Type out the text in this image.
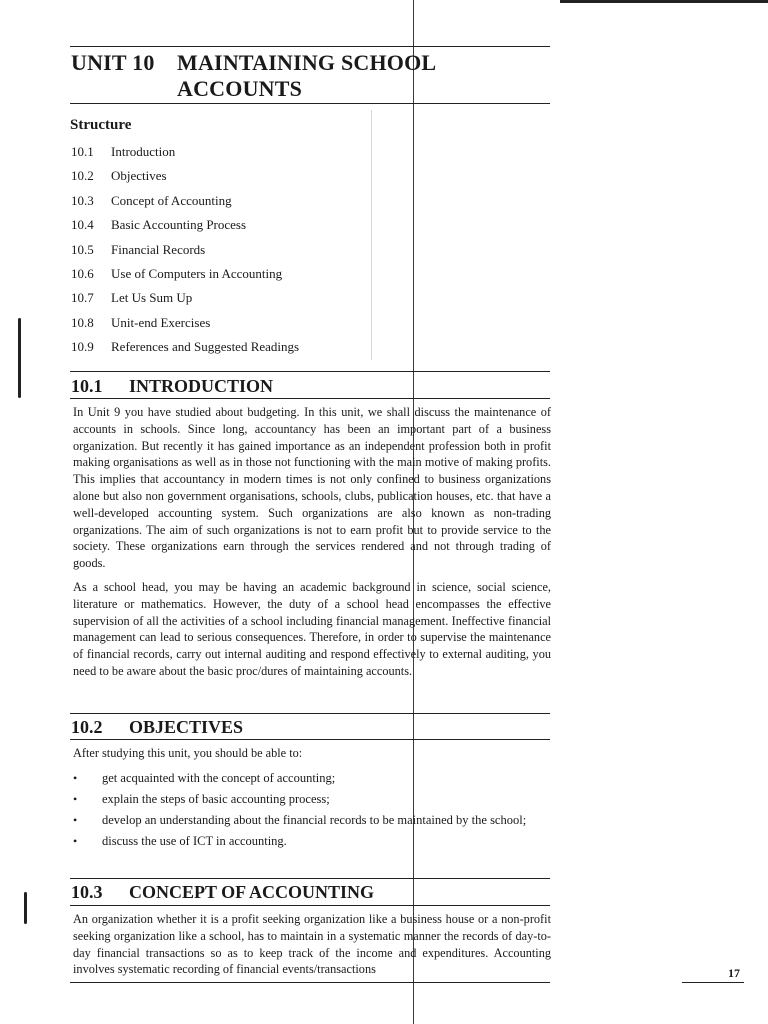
UNIT 10 MAINTAINING SCHOOL
ACCOUNTS
Structure
10.1 Introduction
10.2 Objectives
10.3 Concept of Accounting
10.4 Basic Accounting Process
10.5 Financial Records
10.6 Use of Computers in Accounting
10.7 Let Us Sum Up
10.8 Unit-end Exercises
10.9 References and Suggested Readings
10.1 INTRODUCTION

In Unit 9 you have studied about budgeting. In this unit, we shall discuss the maintenance of accounts in schools. Since long, accountancy has been an important part of a business organization. But recently it has gained importance as an independent profession both in profit making organisations as well as in those not functioning with the main motive of making profits. This implies that accountancy in modern times is not only confined to business organizations alone but also non government organisations, schools, clubs, publication houses, etc. that have a well-developed accounting system. Such organizations are also known as non-trading organizations. The aim of such organizations is not to earn profit but to provide service to the society. These organizations earn through the services rendered and not through trading of goods.

As a school head, you may be having an academic background in science, social science, literature or mathematics. However, the duty of a school head encompasses the effective supervision of all the activities of a school including financial management. Ineffective financial management can lead to serious consequences. Therefore, in order to supervise the maintenance of financial records, carry out internal auditing and respond effectively to external auditing, you need to be aware about the basic proc/dures of maintaining accounts.

10.2 OBJECTIVES

After studying this unit, you should be able to:

• get acquainted with the concept of accounting;
• explain the steps of basic accounting process;
• develop an understanding about the financial records to be maintained by the school;
• discuss the use of ICT in accounting.
10.3 CONCEPT OF ACCOUNTING

An organization whether it is a profit seeking organization like a business house or a non-profit seeking organization like a school, has to maintain in a systematic manner the records of day-to-day financial transactions so as to keep track of the income and expenditures. Accounting involves systematic recording of financial events/transactions	17
